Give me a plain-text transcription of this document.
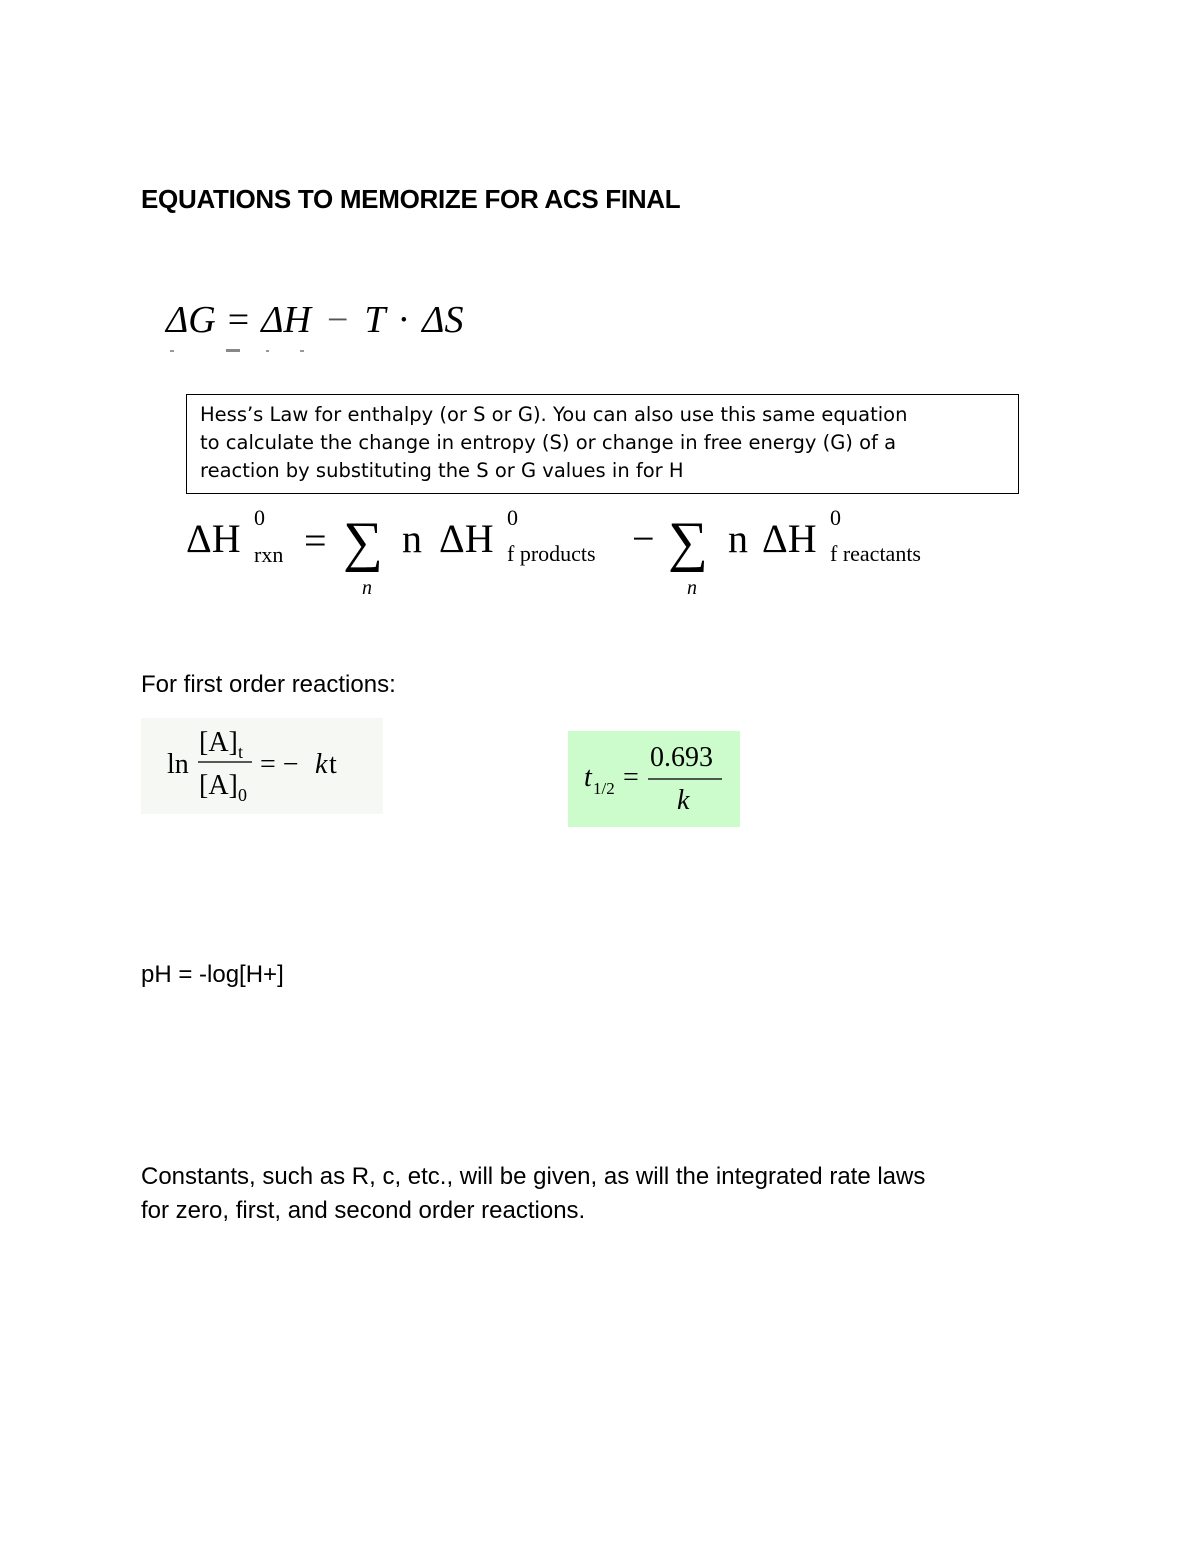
EQUATIONS TO MEMORIZE FOR ACS FINAL
ΔG = ΔH − T · ΔS
Hess’s Law for enthalpy (or S or G). You can also use this same equation
to calculate the change in entropy (S) or change in free energy (G) of a
reaction by substituting the S or G values in for H
ΔH 0
rxn = ∑
n
n ΔH 0
f products − ∑
n
n ΔH 0
f reactants
For first order reactions:
ln
[A] t
[A] 0
= − k t	t 1/2 =
0.693
k
pH = -log[H+]
Constants, such as R, c, etc., will be given, as will the integrated rate laws
for zero, first, and second order reactions.
